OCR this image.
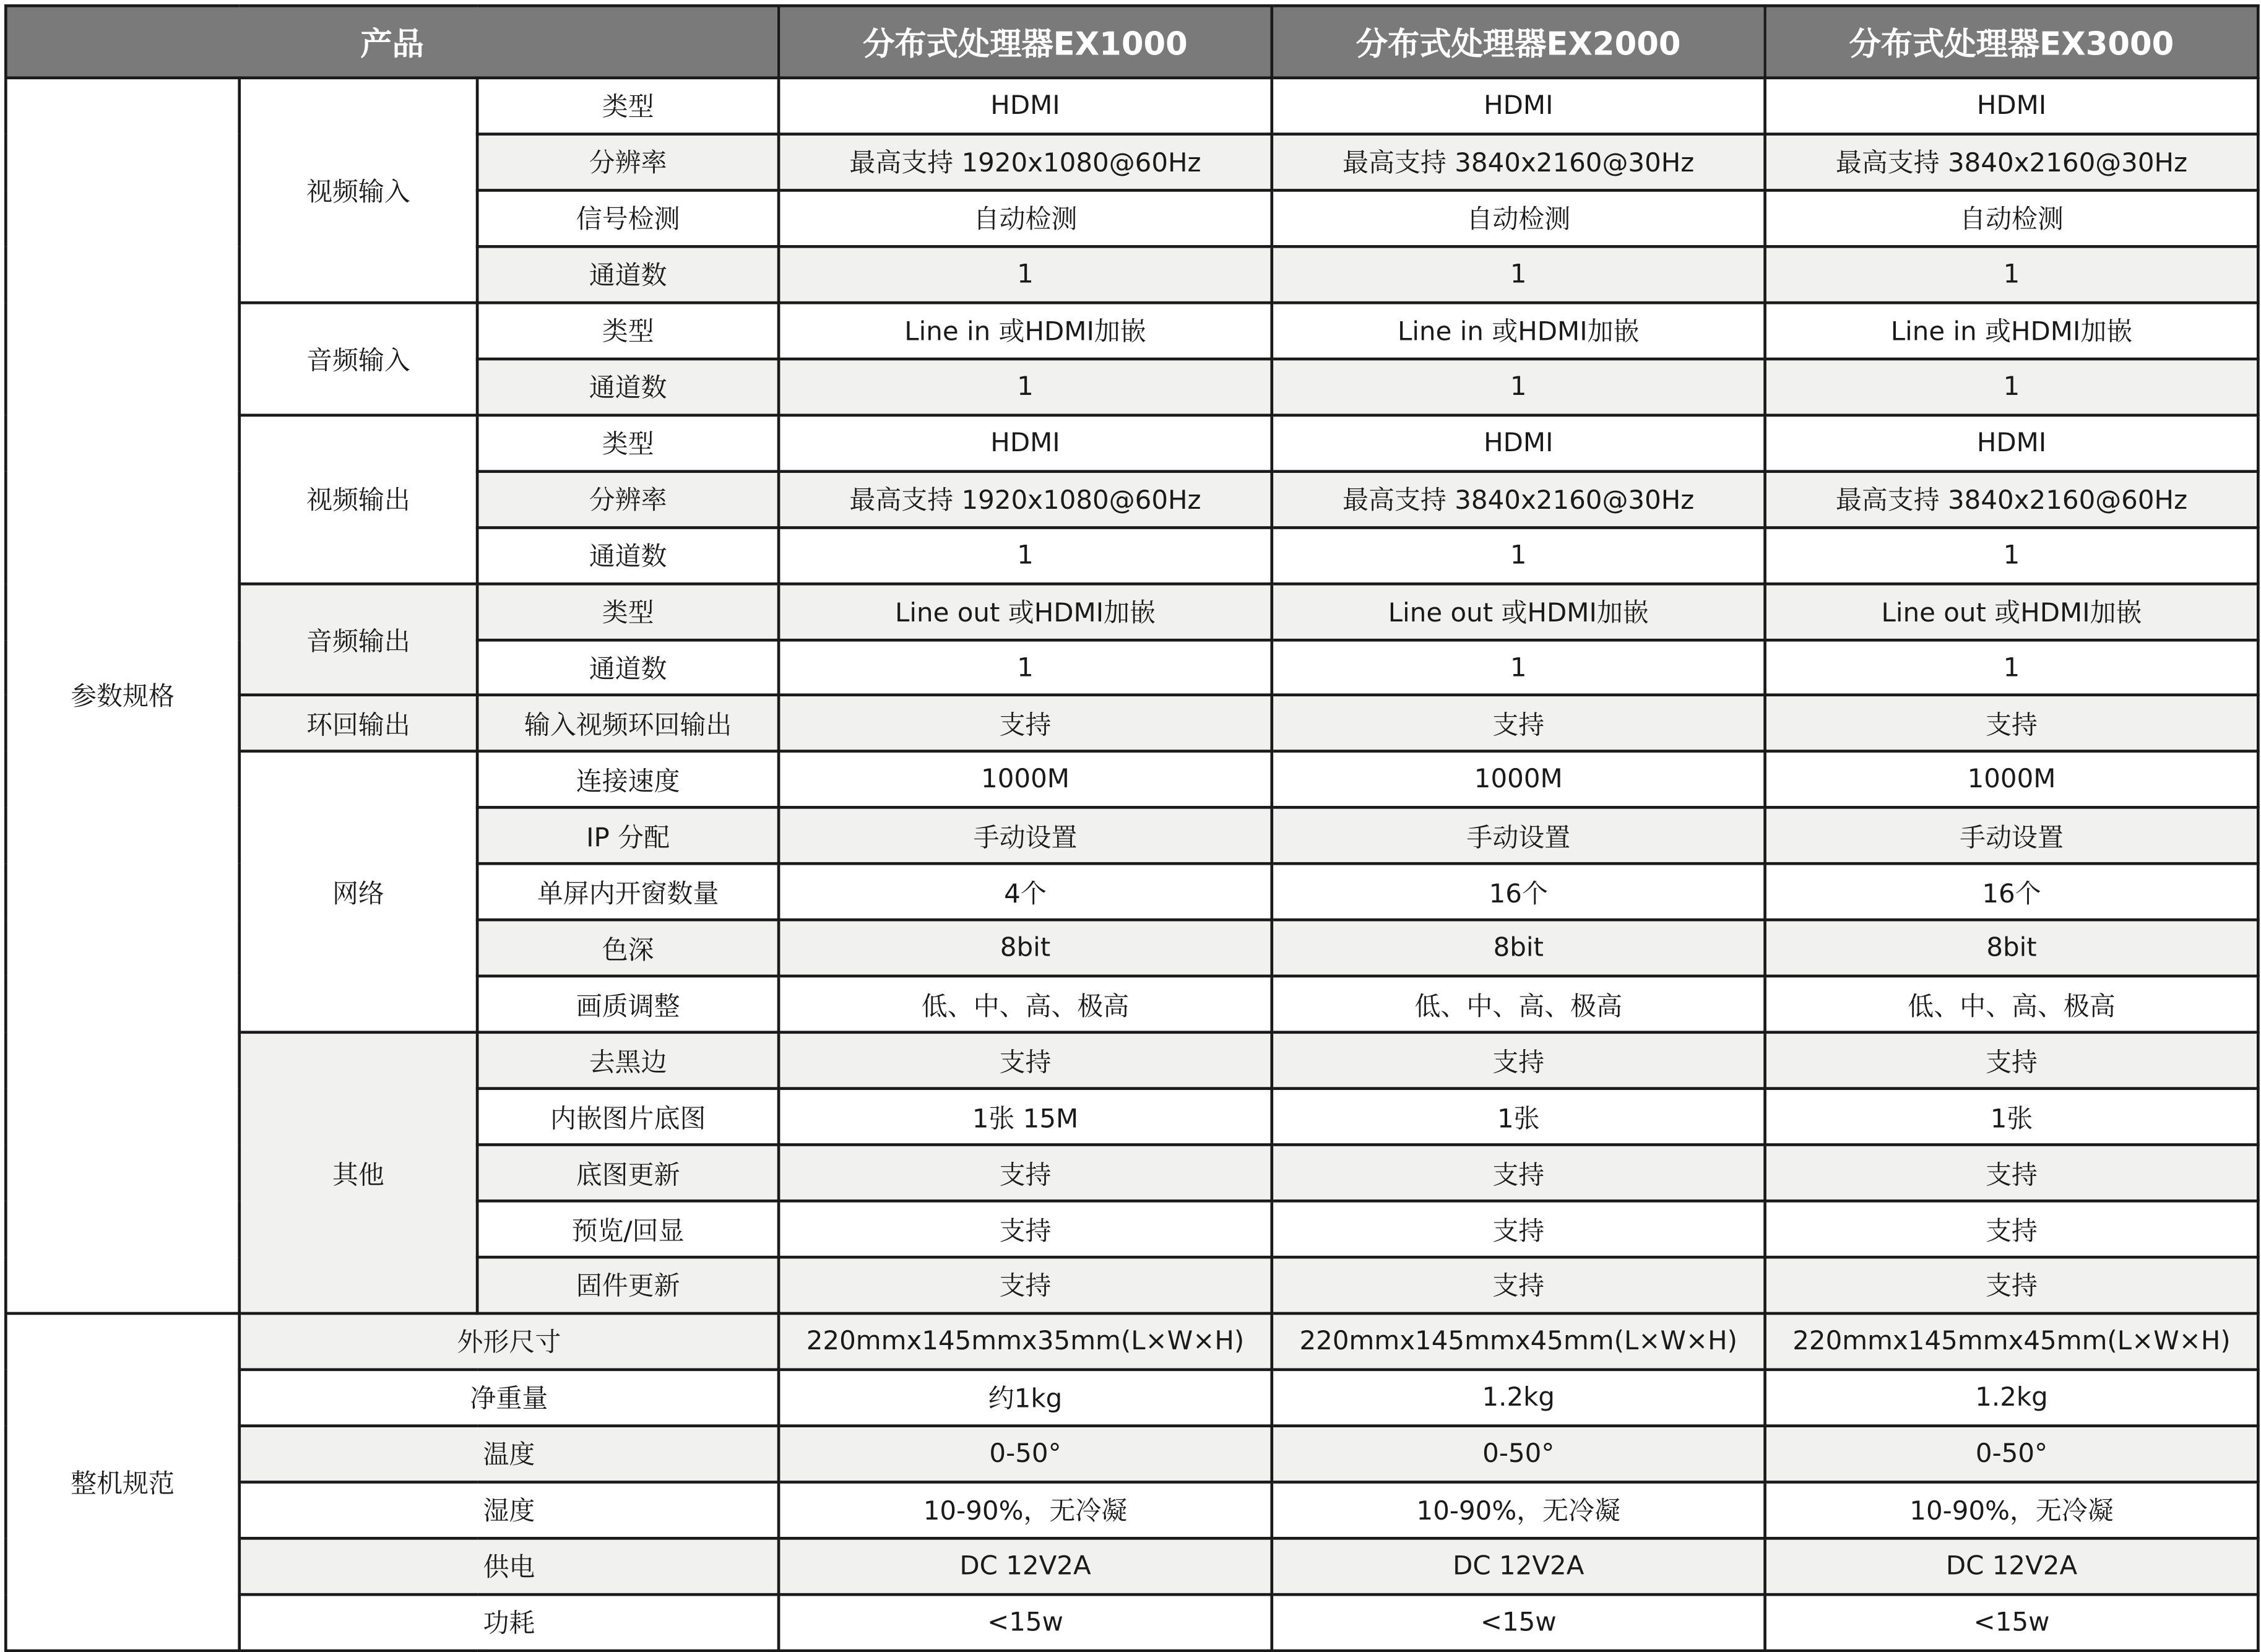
产品			分布式处理器EX1000	分布式处理器EX2000	分布式处理器EX3000
参数规格	视频输入	类型	HDMI	HDMI	HDMI
		分辨率	最高支持 1920x1080@60Hz	最高支持 3840x2160@30Hz	最高支持 3840x2160@30Hz
		信号检测	自动检测	自动检测	自动检测
		通道数	1	1	1
	音频输入	类型	Line in 或HDMI加嵌	Line in 或HDMI加嵌	Line in 或HDMI加嵌
		通道数	1	1	1
	视频输出	类型	HDMI	HDMI	HDMI
		分辨率	最高支持 1920x1080@60Hz	最高支持 3840x2160@30Hz	最高支持 3840x2160@60Hz
		通道数	1	1	1
	音频输出	类型	Line out 或HDMI加嵌	Line out 或HDMI加嵌	Line out 或HDMI加嵌
		通道数	1	1	1
	环回输出	输入视频环回输出	支持	支持	支持
	网络	连接速度	1000M	1000M	1000M
		IP 分配	手动设置	手动设置	手动设置
		单屏内开窗数量	4个	16个	16个
		色深	8bit	8bit	8bit
		画质调整	低、中、高、极高	低、中、高、极高	低、中、高、极高
	其他	去黑边	支持	支持	支持
		内嵌图片底图	1张 15M	1张	1张
		底图更新	支持	支持	支持
		预览/回显	支持	支持	支持
		固件更新	支持	支持	支持
整机规范	外形尺寸		220mmx145mmx35mm(L×W×H)	220mmx145mmx45mm(L×W×H)	220mmx145mmx45mm(L×W×H)
	净重量		约1kg	1.2kg	1.2kg
	温度		0-50°	0-50°	0-50°
	湿度		10-90%，无冷凝	10-90%，无冷凝	10-90%，无冷凝
	供电		DC 12V2A	DC 12V2A	DC 12V2A
	功耗		<15w	<15w	<15w
